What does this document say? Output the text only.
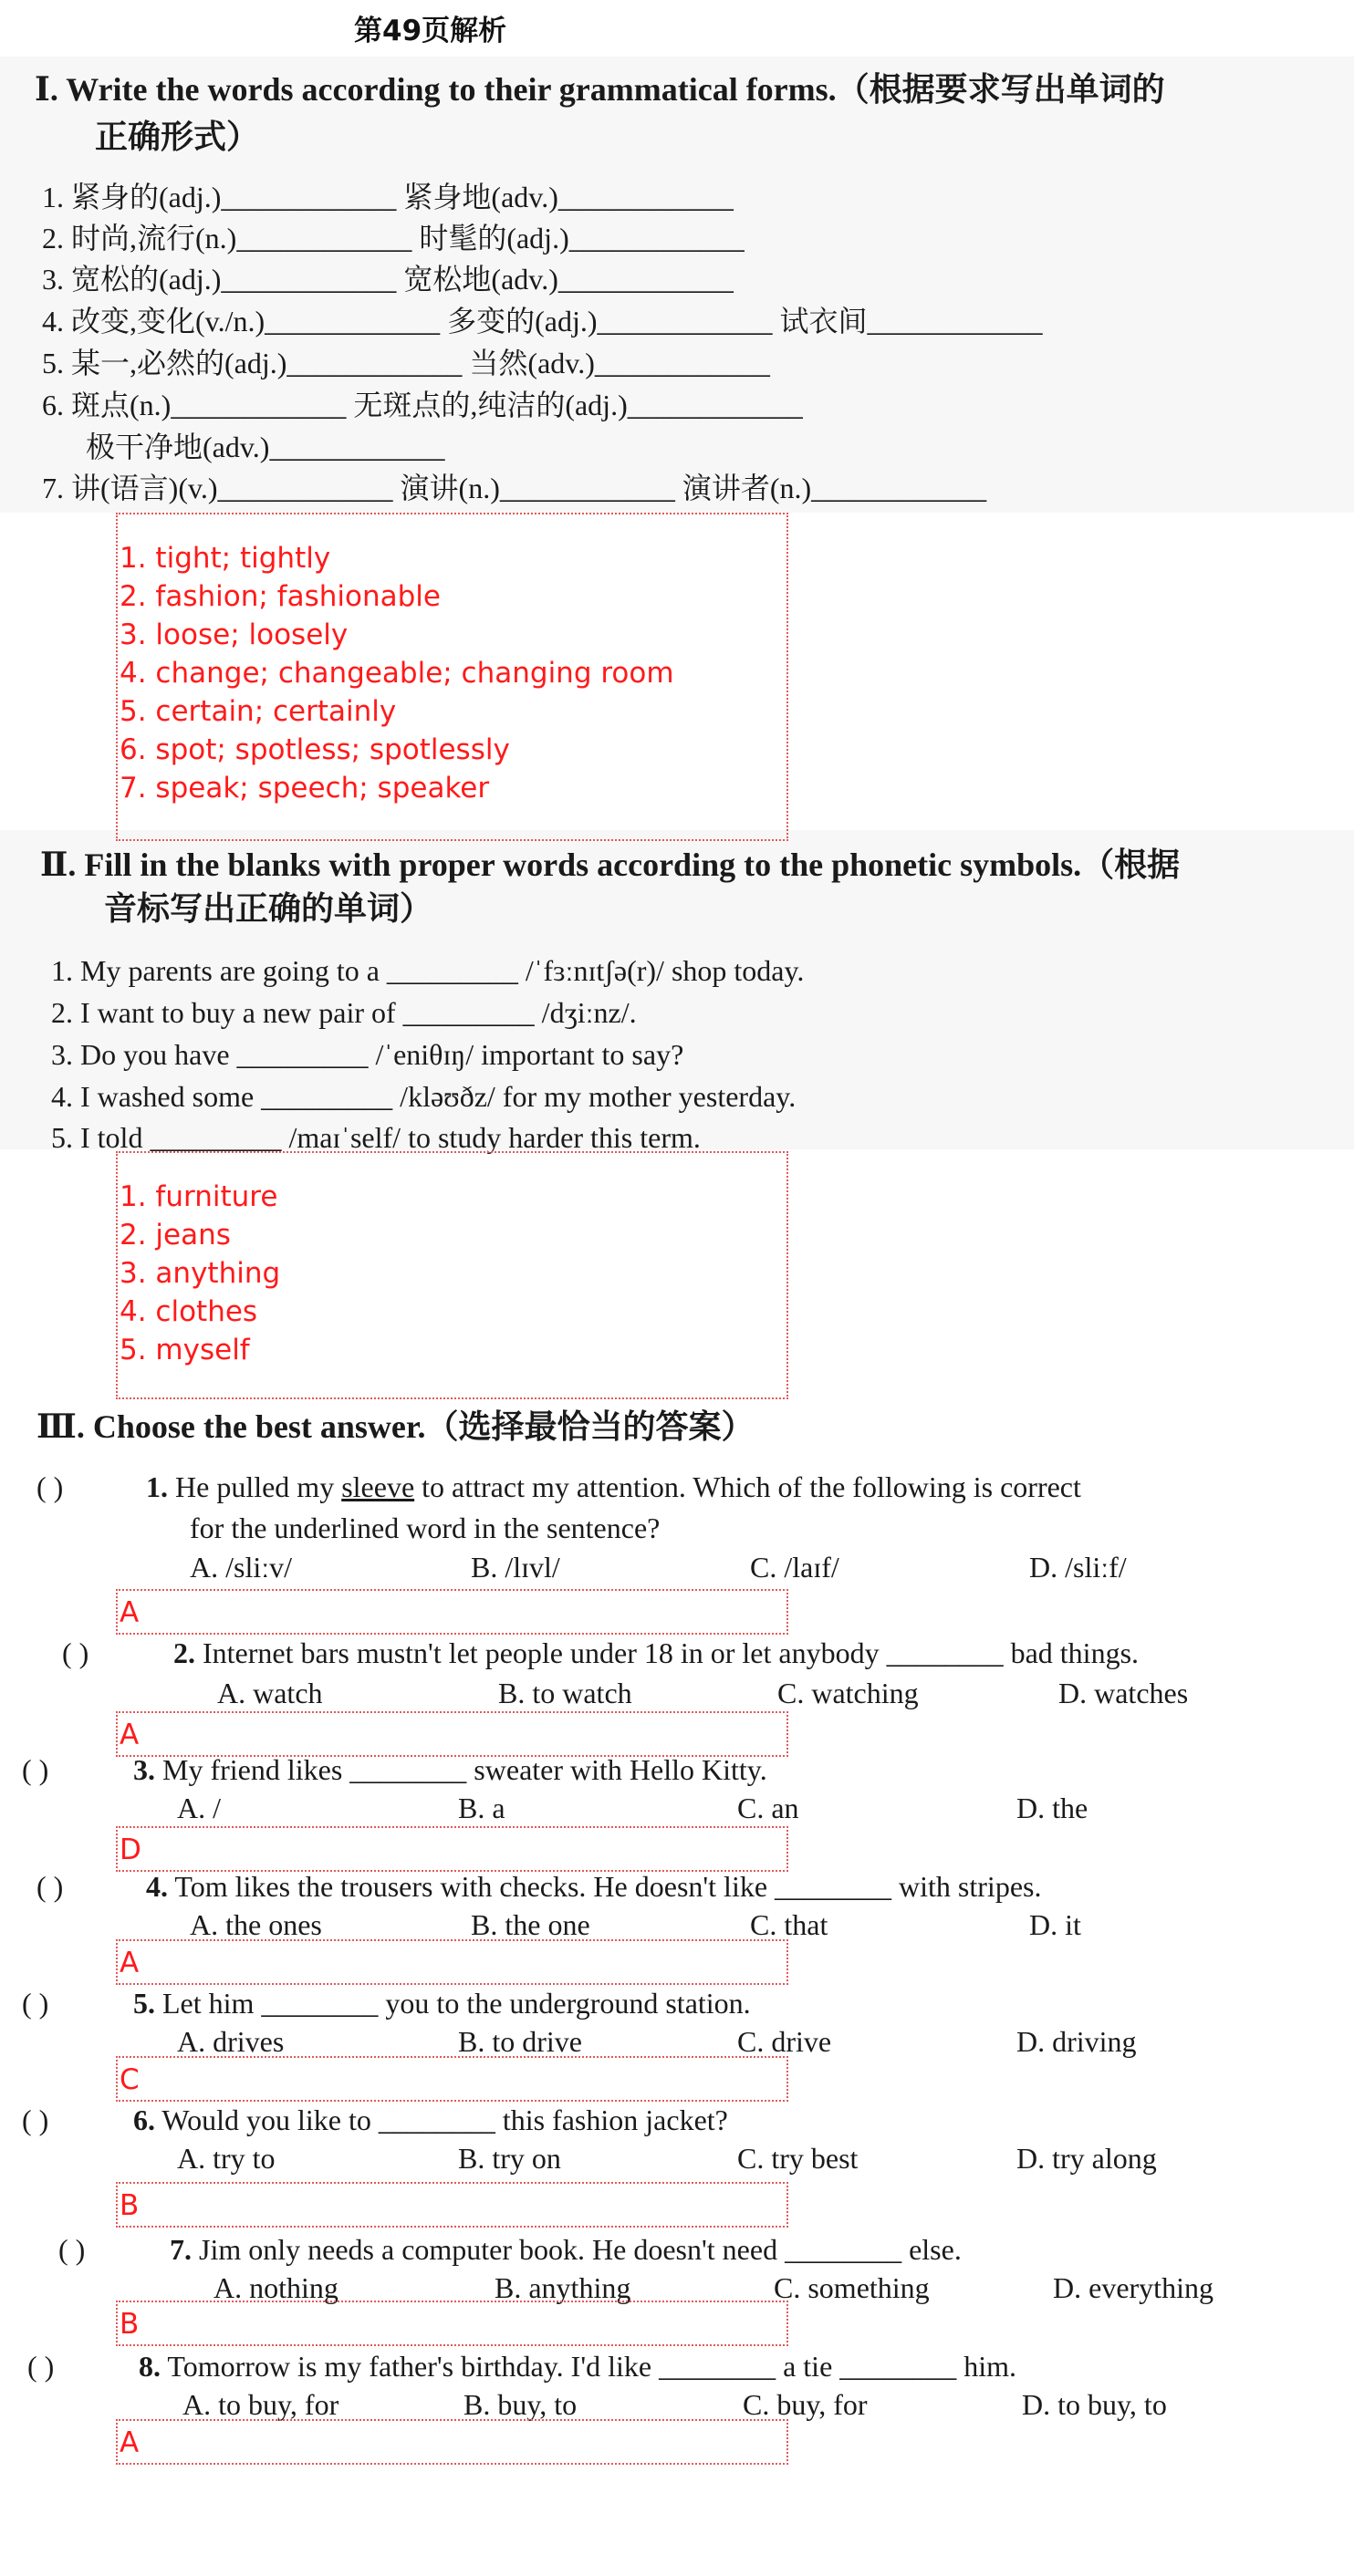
第49页解析
Ⅰ. Write the words according to their grammatical forms.（根据要求写出单词的
正确形式）
1. 紧身的(adj.)____________ 紧身地(adv.)____________
2. 时尚,流行(n.)____________ 时髦的(adj.)____________
3. 宽松的(adj.)____________ 宽松地(adv.)____________
4. 改变,变化(v./n.)____________ 多变的(adj.)____________ 试衣间____________
5. 某一,必然的(adj.)____________ 当然(adv.)____________
6. 斑点(n.)____________ 无斑点的,纯洁的(adj.)____________
极干净地(adv.)____________
7. 讲(语言)(v.)____________ 演讲(n.)____________ 演讲者(n.)____________
1. tight; tightly
2. fashion; fashionable
3. loose; loosely
4. change; changeable; changing room
5. certain; certainly
6. spot; spotless; spotlessly
7. speak; speech; speaker
Ⅱ. Fill in the blanks with proper words according to the phonetic symbols.（根据
音标写出正确的单词）
1. My parents are going to a _________ /ˈfɜːnɪtʃə(r)/ shop today.
2. I want to buy a new pair of _________ /dʒiːnz/.
3. Do you have _________ /ˈeniθɪŋ/ important to say?
4. I washed some _________ /kləʊðz/ for my mother yesterday.
5. I told _________ /maɪˈself/ to study harder this term.
1. furniture
2. jeans
3. anything
4. clothes
5. myself
Ⅲ. Choose the best answer.（选择最恰当的答案）
( )	1. He pulled my sleeve to attract my attention. Which of the following is correct
for the underlined word in the sentence?
A. /sliːv/	B. /lɪvl/	C. /laɪf/	D. /sliːf/
A
( )	2. Internet bars mustn't let people under 18 in or let anybody ________ bad things.
A. watch	B. to watch	C. watching	D. watches
A
( )	3. My friend likes ________ sweater with Hello Kitty.
A. /	B. a	C. an	D. the
D
( )	4. Tom likes the trousers with checks. He doesn't like ________ with stripes.
A. the ones	B. the one	C. that	D. it
A
( )	5. Let him ________ you to the underground station.
A. drives	B. to drive	C. drive	D. driving
C
( )	6. Would you like to ________ this fashion jacket?
A. try to	B. try on	C. try best	D. try along
B
( )	7. Jim only needs a computer book. He doesn't need ________ else.
A. nothing	B. anything	C. something	D. everything
B
( )	8. Tomorrow is my father's birthday. I'd like ________ a tie ________ him.
A. to buy, for	B. buy, to	C. buy, for	D. to buy, to
A
